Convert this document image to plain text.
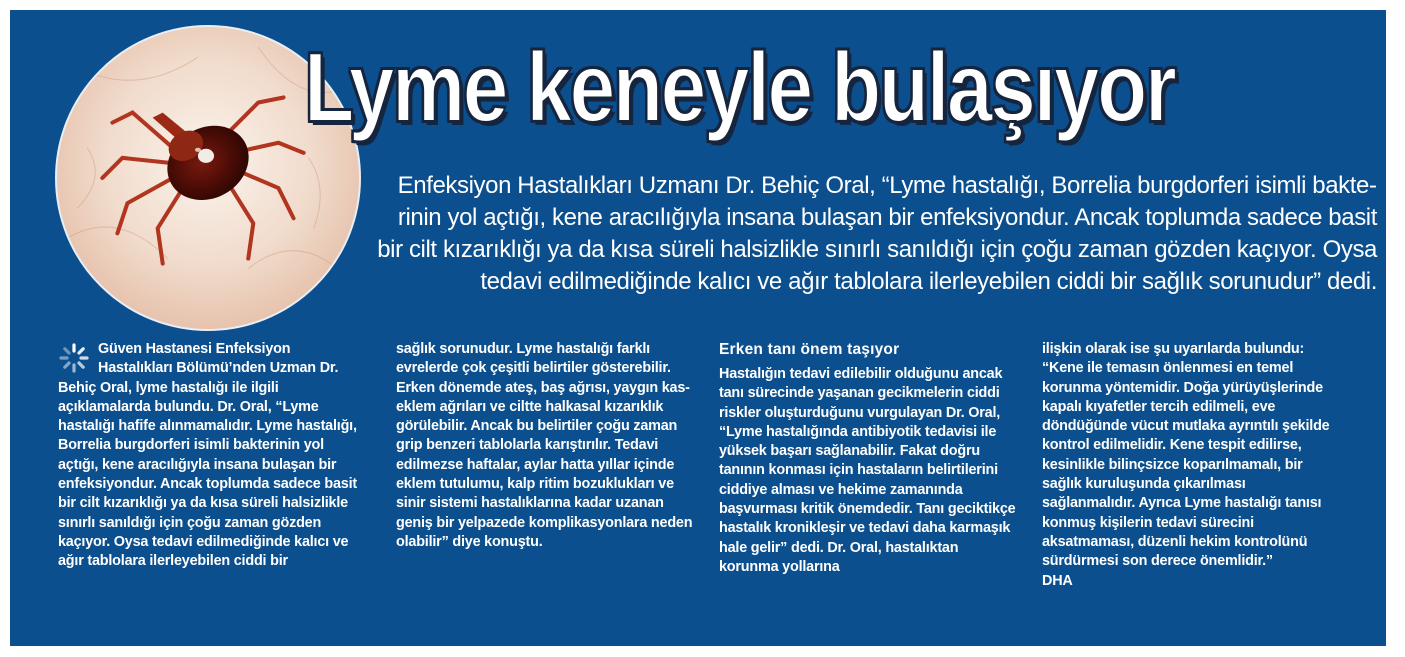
Lyme keneyle bulaşıyor

Enfeksiyon Hastalıkları Uzmanı Dr. Behiç Oral, “Lyme hastalığı, Borrelia burgdorferi isimli bakterinin yol açtığı, kene aracılığıyla insana bulaşan bir enfeksiyondur. Ancak toplumda sadece basit bir cilt kızarıklığı ya da kısa süreli halsizlikle sınırlı sanıldığı için çoğu zaman gözden kaçıyor. Oysa tedavi edilmediğinde kalıcı ve ağır tablolara ilerleyebilen ciddi bir sağlık sorunudur” dedi.

Güven Hastanesi Enfeksiyon Hastalıkları Bölümü’nden Uzman Dr. Behiç Oral, lyme hastalığı ile ilgili açıklamalarda bulundu. Dr. Oral, “Lyme hastalığı hafife alınmamalıdır. Lyme hastalığı, Borrelia burgdorferi isimli bakterinin yol açtığı, kene aracılığıyla insana bulaşan bir enfeksiyondur. Ancak toplumda sadece basit bir cilt kızarıklığı ya da kısa süreli halsizlikle sınırlı sanıldığı için çoğu zaman gözden kaçıyor. Oysa tedavi edilmediğinde kalıcı ve ağır tablolara ilerleyebilen ciddi bir

sağlık sorunudur. Lyme hastalığı farklı evrelerde çok çeşitli belirtiler gösterebilir. Erken dönemde ateş, baş ağrısı, yaygın kas-eklem ağrıları ve ciltte halkasal kızarıklık görülebilir. Ancak bu belirtiler çoğu zaman grip benzeri tablolarla karıştırılır. Tedavi edilmezse haftalar, aylar hatta yıllar içinde eklem tutulumu, kalp ritim bozuklukları ve sinir sistemi hastalıklarına kadar uzanan geniş bir yelpazede komplikasyonlara neden olabilir” diye konuştu.

Erken tanı önem taşıyor

Hastalığın tedavi edilebilir olduğunu ancak tanı sürecinde yaşanan gecikmelerin ciddi riskler oluşturduğunu vurgulayan Dr. Oral, “Lyme hastalığında antibiyotik tedavisi ile yüksek başarı sağlanabilir. Fakat doğru tanının konması için hastaların belirtilerini ciddiye alması ve hekime zamanında başvurması kritik önemdedir. Tanı geciktikçe hastalık kronikleşir ve tedavi daha karmaşık hale gelir” dedi. Dr. Oral, hastalıktan korunma yollarına

ilişkin olarak ise şu uyarılarda bulundu: “Kene ile temasın önlenmesi en temel korunma yöntemidir. Doğa yürüyüşlerinde kapalı kıyafetler tercih edilmeli, eve döndüğünde vücut mutlaka ayrıntılı şekilde kontrol edilmelidir. Kene tespit edilirse, kesinlikle bilinçsizce koparılmamalı, bir sağlık kuruluşunda çıkarılması sağlanmalıdır. Ayrıca Lyme hastalığı tanısı konmuş kişilerin tedavi sürecini aksatmaması, düzenli hekim kontrolünü sürdürmesi son derece önemlidir.”

DHA
